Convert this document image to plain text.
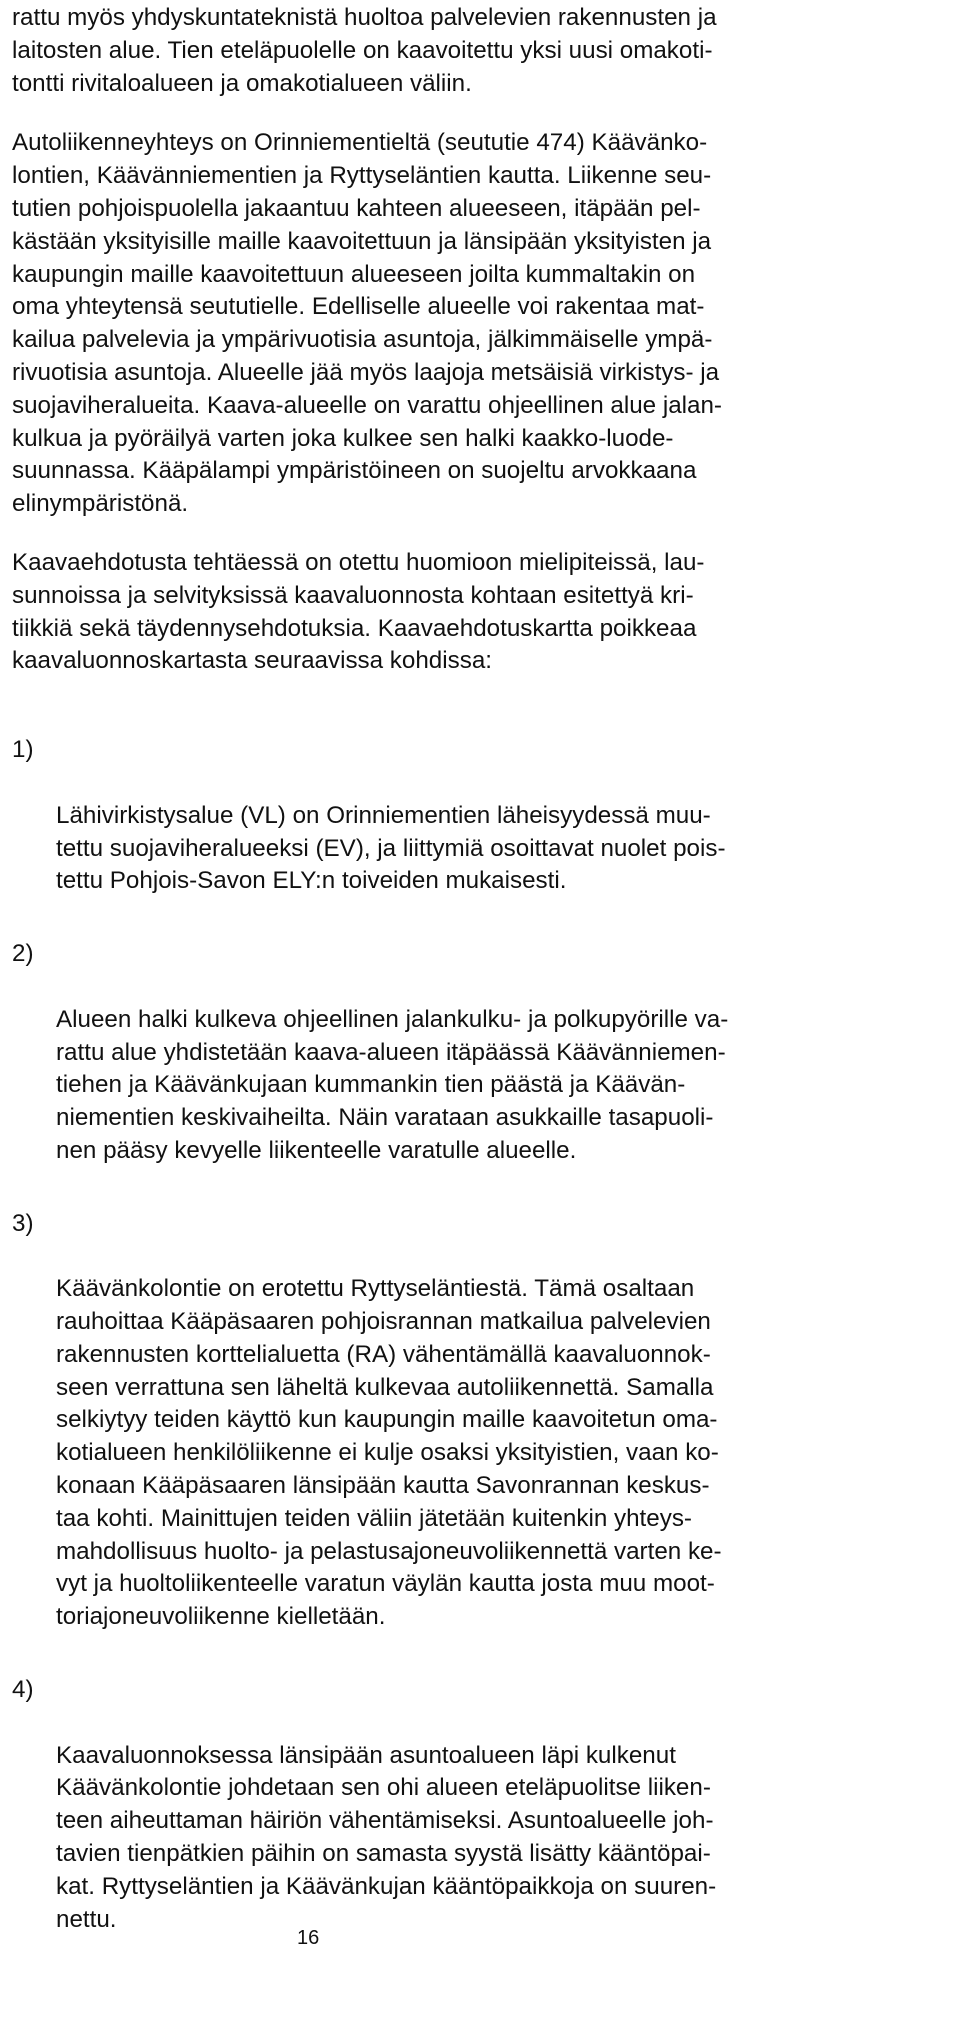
rattu myös yhdyskuntateknistä huoltoa palvelevien rakennusten ja
laitosten alue. Tien eteläpuolelle on kaavoitettu yksi uusi omakoti-
tontti rivitaloalueen ja omakotialueen väliin.

Autoliikenneyhteys on Orinniementieltä (seututie 474) Käävänko-
lontien, Käävänniementien ja Ryttyseläntien kautta. Liikenne seu-
tutien pohjoispuolella jakaantuu kahteen alueeseen, itäpään pel-
kästään yksityisille maille kaavoitettuun ja länsipään yksityisten ja
kaupungin maille kaavoitettuun alueeseen joilta kummaltakin on
oma yhteytensä seututielle. Edelliselle alueelle voi rakentaa mat-
kailua palvelevia ja ympärivuotisia asuntoja, jälkimmäiselle ympä-
rivuotisia asuntoja. Alueelle jää myös laajoja metsäisiä virkistys- ja
suojaviheralueita. Kaava-alueelle on varattu ohjeellinen alue jalan-
kulkua ja pyöräilyä varten joka kulkee sen halki kaakko-luode-
suunnassa. Kääpälampi ympäristöineen on suojeltu arvokkaana
elinympäristönä.

Kaavaehdotusta tehtäessä on otettu huomioon mielipiteissä, lau-
sunnoissa ja selvityksissä kaavaluonnosta kohtaan esitettyä kri-
tiikkiä sekä täydennysehdotuksia. Kaavaehdotuskartta poikkeaa
kaavaluonnoskartasta seuraavissa kohdissa:

1)

Lähivirkistysalue (VL) on Orinniementien läheisyydessä muu-
tettu suojaviheralueeksi (EV), ja liittymiä osoittavat nuolet pois-
tettu Pohjois-Savon ELY:n toiveiden mukaisesti.

2)

Alueen halki kulkeva ohjeellinen jalankulku- ja polkupyörille va-
rattu alue yhdistetään kaava-alueen itäpäässä Käävänniemen-
tiehen ja Käävänkujaan kummankin tien päästä ja Käävän-
niementien keskivaiheilta. Näin varataan asukkaille tasapuoli-
nen pääsy kevyelle liikenteelle varatulle alueelle.

3)

Käävänkolontie on erotettu Ryttyseläntiestä. Tämä osaltaan
rauhoittaa Kääpäsaaren pohjoisrannan matkailua palvelevien
rakennusten korttelialuetta (RA) vähentämällä kaavaluonnok-
seen verrattuna sen läheltä kulkevaa autoliikennettä. Samalla
selkiytyy teiden käyttö kun kaupungin maille kaavoitetun oma-
kotialueen henkilöliikenne ei kulje osaksi yksityistien, vaan ko-
konaan Kääpäsaaren länsipään kautta Savonrannan keskus-
taa kohti. Mainittujen teiden väliin jätetään kuitenkin yhteys-
mahdollisuus huolto- ja pelastusajoneuvoliikennettä varten ke-
vyt ja huoltoliikenteelle varatun väylän kautta josta muu moot-
toriajoneuvoliikenne kielletään.

4)

Kaavaluonnoksessa länsipään asuntoalueen läpi kulkenut
Käävänkolontie johdetaan sen ohi alueen eteläpuolitse liiken-
teen aiheuttaman häiriön vähentämiseksi. Asuntoalueelle joh-
tavien tienpätkien päihin on samasta syystä lisätty kääntöpai-
kat. Ryttyseläntien ja Käävänkujan kääntöpaikkoja on suuren-
nettu.

16
